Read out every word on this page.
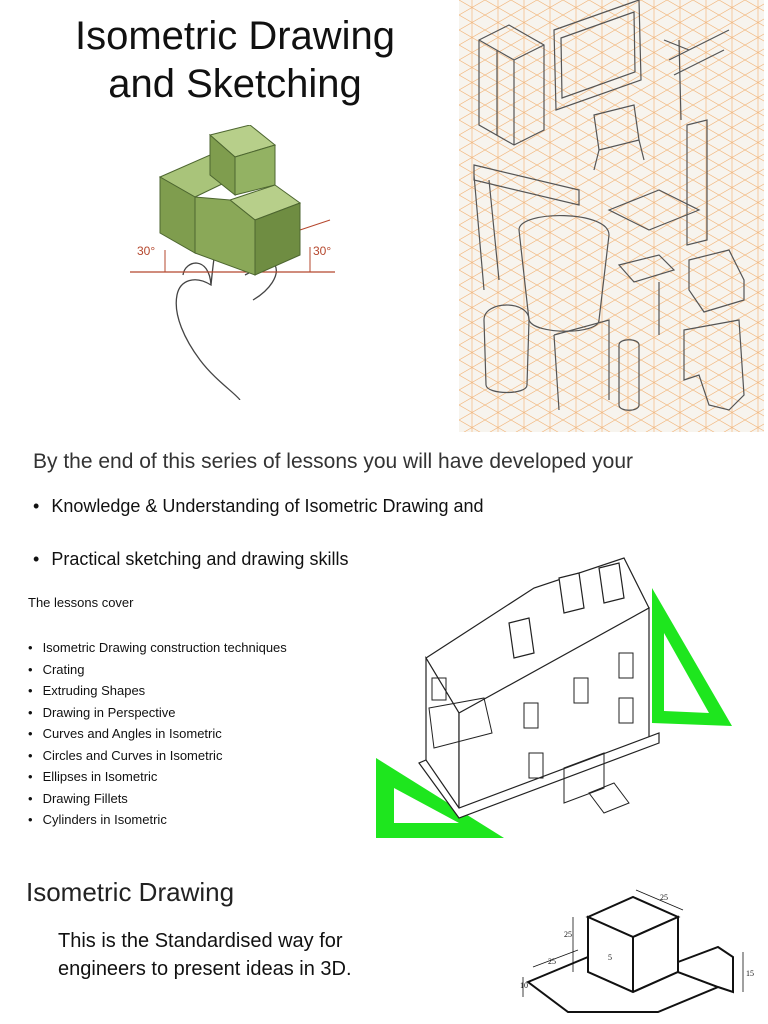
Isometric Drawing
and Sketching
30°	30°
By the end of this series of lessons you will have developed your
• Knowledge & Understanding of Isometric Drawing and
• Practical sketching and drawing skills
The lessons cover
• Isometric Drawing construction techniques
• Crating
• Extruding Shapes
• Drawing in Perspective
• Curves and Angles in Isometric
• Circles and Curves in Isometric
• Ellipses in Isometric
• Drawing Fillets
• Cylinders in Isometric
Isometric Drawing
This is the Standardised way for engineers to present ideas in 3D.
25
25
25	5
10
15
